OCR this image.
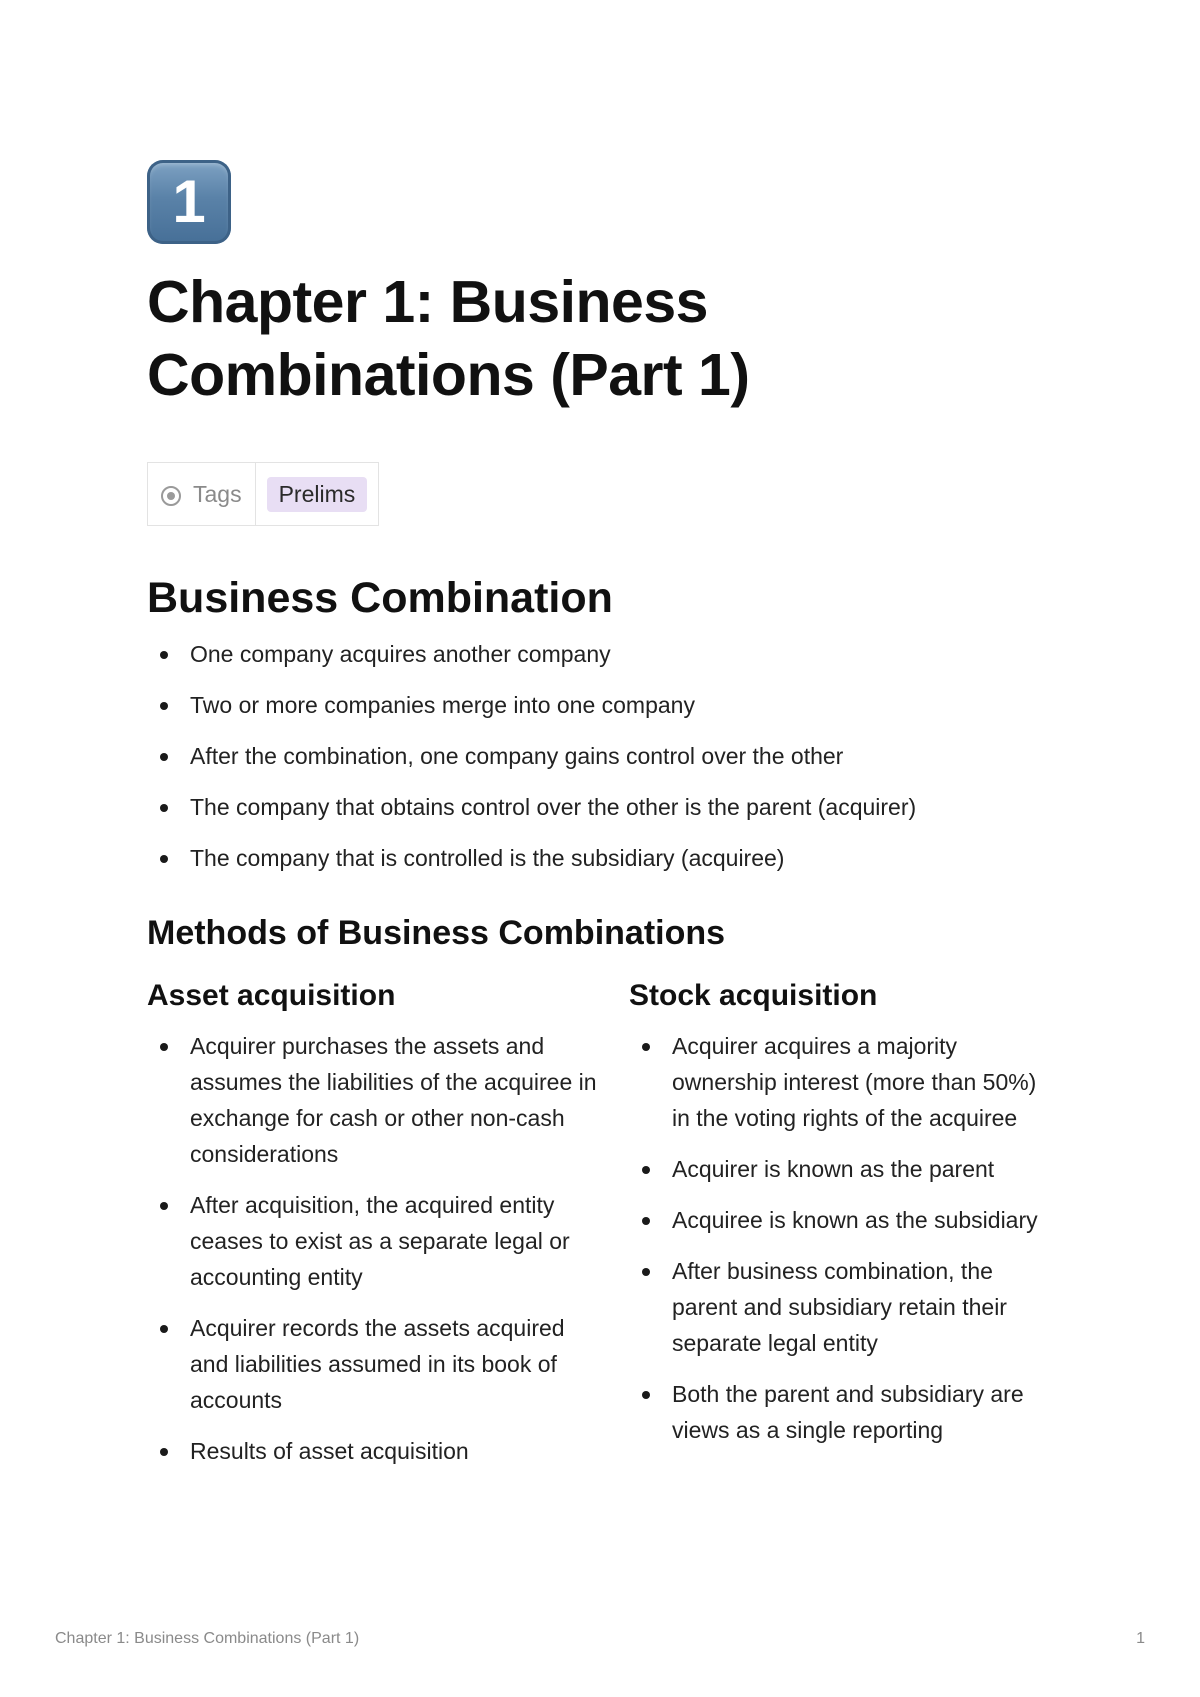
1
Chapter 1: Business Combinations (Part 1)
Tags	Prelims
Business Combination
One company acquires another company
Two or more companies merge into one company
After the combination, one company gains control over the other
The company that obtains control over the other is the parent (acquirer)
The company that is controlled is the subsidiary (acquiree)
Methods of Business Combinations
Asset acquisition
Acquirer purchases the assets and assumes the liabilities of the acquiree in exchange for cash or other non-cash considerations
After acquisition, the acquired entity ceases to exist as a separate legal or accounting entity
Acquirer records the assets acquired and liabilities assumed in its book of accounts
Results of asset acquisition
Stock acquisition
Acquirer acquires a majority ownership interest (more than 50%) in the voting rights of the acquiree
Acquirer is known as the parent
Acquiree is known as the subsidiary
After business combination, the parent and subsidiary retain their separate legal entity
Both the parent and subsidiary are views as a single reporting
Chapter 1: Business Combinations (Part 1)	1
